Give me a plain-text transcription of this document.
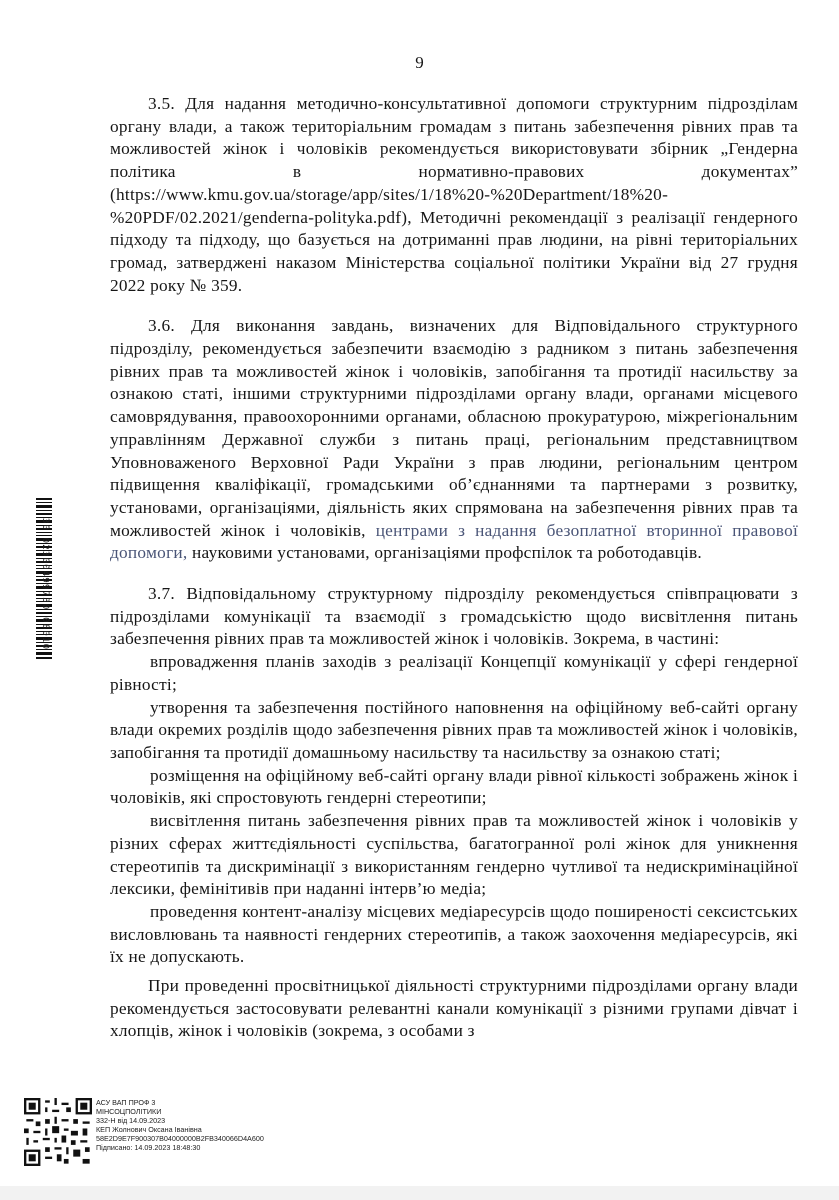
9

3.5. Для надання методично-консультативної допомоги структурним підрозділам органу влади, а також територіальним громадам з питань забезпечення рівних прав та можливостей жінок і чоловіків рекомендується використовувати збірник „Гендерна політика в нормативно-правових документах” (https://www.kmu.gov.ua/storage/app/sites/1/18%20-%20Department/18%20-%20PDF/02.2021/genderna-polityka.pdf), Методичні рекомендації з реалізації гендерного підходу та підходу, що базується на дотриманні прав людини, на рівні територіальних громад, затверджені наказом Міністерства соціальної політики України від 27 грудня 2022 року № 359.

3.6. Для виконання завдань, визначених для Відповідального структурного підрозділу, рекомендується забезпечити взаємодію з радником з питань забезпечення рівних прав та можливостей жінок і чоловіків, запобігання та протидії насильству за ознакою статі, іншими структурними підрозділами органу влади, органами місцевого самоврядування, правоохоронними органами, обласною прокуратурою, міжрегіональним управлінням Державної служби з питань праці, регіональним представництвом Уповноваженого Верховної Ради України з прав людини, регіональним центром підвищення кваліфікації, громадськими об’єднаннями та партнерами з розвитку, установами, організаціями, діяльність яких спрямована на забезпечення рівних прав та можливостей жінок і чоловіків, центрами з надання безоплатної вторинної правової допомоги, науковими установами, організаціями профспілок та роботодавців.

3.7. Відповідальному структурному підрозділу рекомендується співпрацювати з підрозділами комунікації та взаємодії з громадськістю щодо висвітлення питань забезпечення рівних прав та можливостей жінок і чоловіків. Зокрема, в частині:

впровадження планів заходів з реалізації Концепції комунікації у сфері гендерної рівності;

утворення та забезпечення постійного наповнення на офіційному веб-сайті органу влади окремих розділів щодо забезпечення рівних прав та можливостей жінок і чоловіків, запобігання та протидії домашньому насильству та насильству за ознакою статі;

розміщення на офіційному веб-сайті органу влади рівної кількості зображень жінок і чоловіків, які спростовують гендерні стереотипи;

висвітлення питань забезпечення рівних прав та можливостей жінок і чоловіків у різних сферах життєдіяльності суспільства, багатогранної ролі жінок для уникнення стереотипів та дискримінації з використанням гендерно чутливої та недискримінаційної лексики, фемінітивів при наданні інтерв’ю медіа;

проведення контент-аналізу місцевих медіаресурсів щодо поширеності сексистських висловлювань та наявності гендерних стереотипів, а також заохочення медіаресурсів, які їх не допускають.

При проведенні просвітницької діяльності структурними підрозділами органу влади рекомендується застосовувати релевантні канали комунікації з різними групами дівчат і хлопців, жінок і чоловіків (зокрема, з особами з

30 02300499730 08010
АСУ ВАП ПРОФ 3
МІНСОЦПОЛІТИКИ
332-Н від 14.09.2023
КЕП Жолнович Оксана Іванівна
58E2D9E7F900307B04000000B2FB340066D4A600
Підписано: 14.09.2023 18:48:30
